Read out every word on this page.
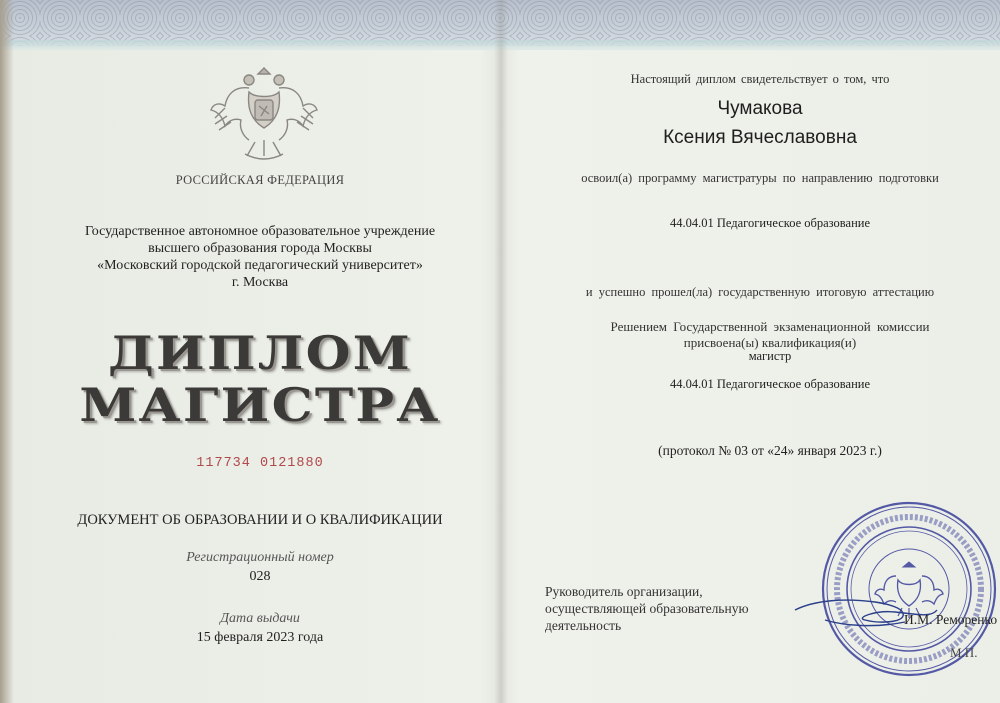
РОССИЙСКАЯ ФЕДЕРАЦИЯ

Государственное автономное образовательное учреждение
высшего образования города Москвы
«Московский городской педагогический университет»
г. Москва

ДИПЛОМ

МАГИСТРА

117734 0121880

ДОКУМЕНТ ОБ ОБРАЗОВАНИИ И О КВАЛИФИКАЦИИ

Регистрационный номер

028

Дата выдачи

15 февраля 2023 года

Настоящий диплом свидетельствует о том, что

Чумакова

Ксения Вячеславовна

освоил(а) программу магистратуры по направлению подготовки

44.04.01 Педагогическое образование

и успешно прошел(ла) государственную итоговую аттестацию

Решением Государственной экзаменационной комиссии

присвоена(ы) квалификация(и)

магистр

44.04.01 Педагогическое образование

(протокол № 03 от «24» января 2023 г.)

Руководитель организации,
осуществляющей образовательную
деятельность	И.М. Реморенко

М.П.
